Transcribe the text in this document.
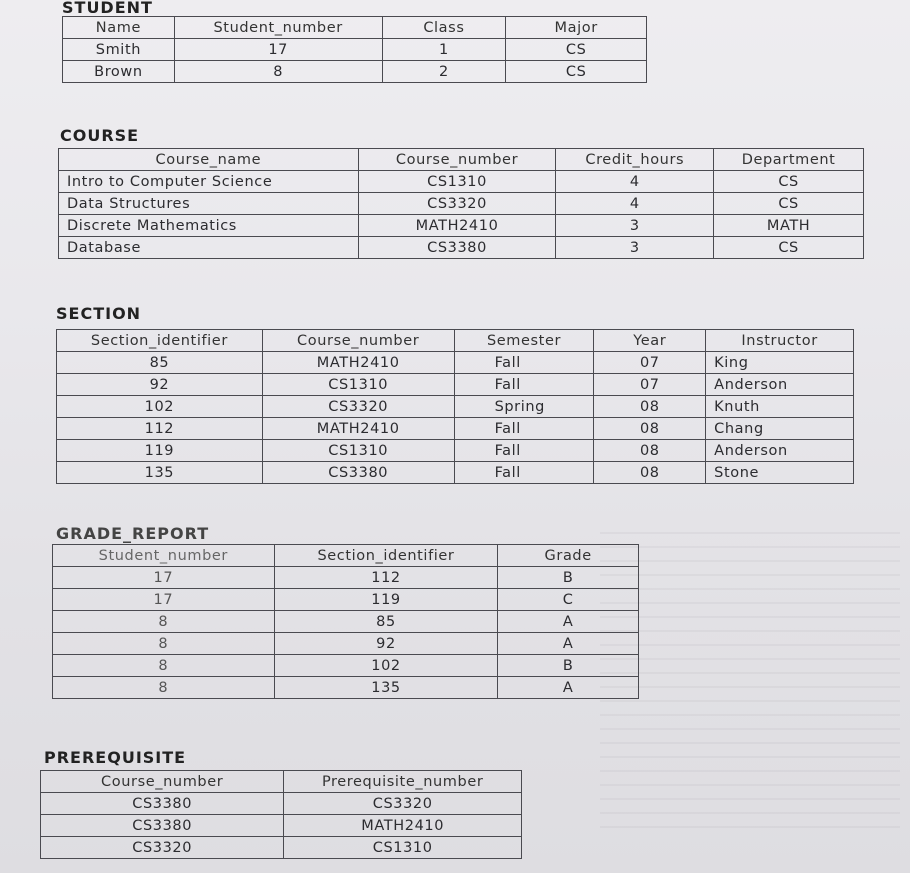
STUDENT
Name	Student_number	Class	Major
Smith	17	1	CS
Brown	8	2	CS
COURSE
Course_name	Course_number	Credit_hours	Department
Intro to Computer Science	CS1310	4	CS
Data Structures	CS3320	4	CS
Discrete Mathematics	MATH2410	3	MATH
Database	CS3380	3	CS
SECTION
Section_identifier	Course_number	Semester	Year	Instructor
85	MATH2410	Fall	07	King
92	CS1310	Fall	07	Anderson
102	CS3320	Spring	08	Knuth
112	MATH2410	Fall	08	Chang
119	CS1310	Fall	08	Anderson
135	CS3380	Fall	08	Stone
GRADE_REPORT
Student_number	Section_identifier	Grade
17	112	B
17	119	C
8	85	A
8	92	A
8	102	B
8	135	A
PREREQUISITE
Course_number	Prerequisite_number
CS3380	CS3320
CS3380	MATH2410
CS3320	CS1310
